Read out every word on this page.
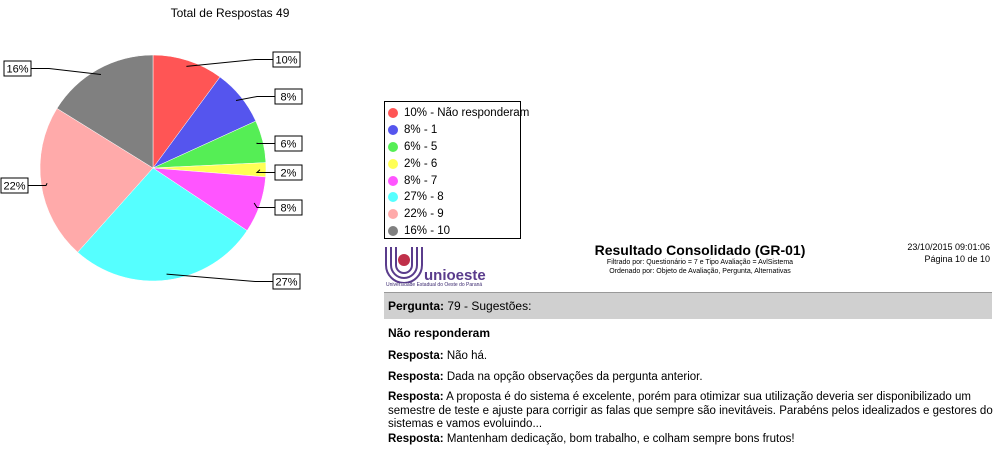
Total de Respostas 49
10%
8%
6%
2%
8%
27%
22%
16%
10% - Não responderam
8% - 1
6% - 5
2% - 6
8% - 7
27% - 8
22% - 9
16% - 10
unioeste
Universidade Estadual do Oeste do Paraná
Resultado Consolidado (GR-01)
Filtrado por: Questionário = 7 e Tipo Avaliação = AvlSistema
Ordenado por: Objeto de Avaliação, Pergunta, Alternativas
23/10/2015 09:01:06
Página 10 de 10
Pergunta: 79 - Sugestões:
Não responderam
Resposta: Não há.
Resposta: Dada na opção observações da pergunta anterior.
Resposta: A proposta é do sistema é excelente, porém para otimizar sua utilização deveria ser disponibilizado um semestre de teste e ajuste para corrigir as falas que sempre são inevitáveis. Parabéns pelos idealizados e gestores do sistemas e vamos evoluindo...
Resposta: Mantenham dedicação, bom trabalho, e colham sempre bons frutos!
